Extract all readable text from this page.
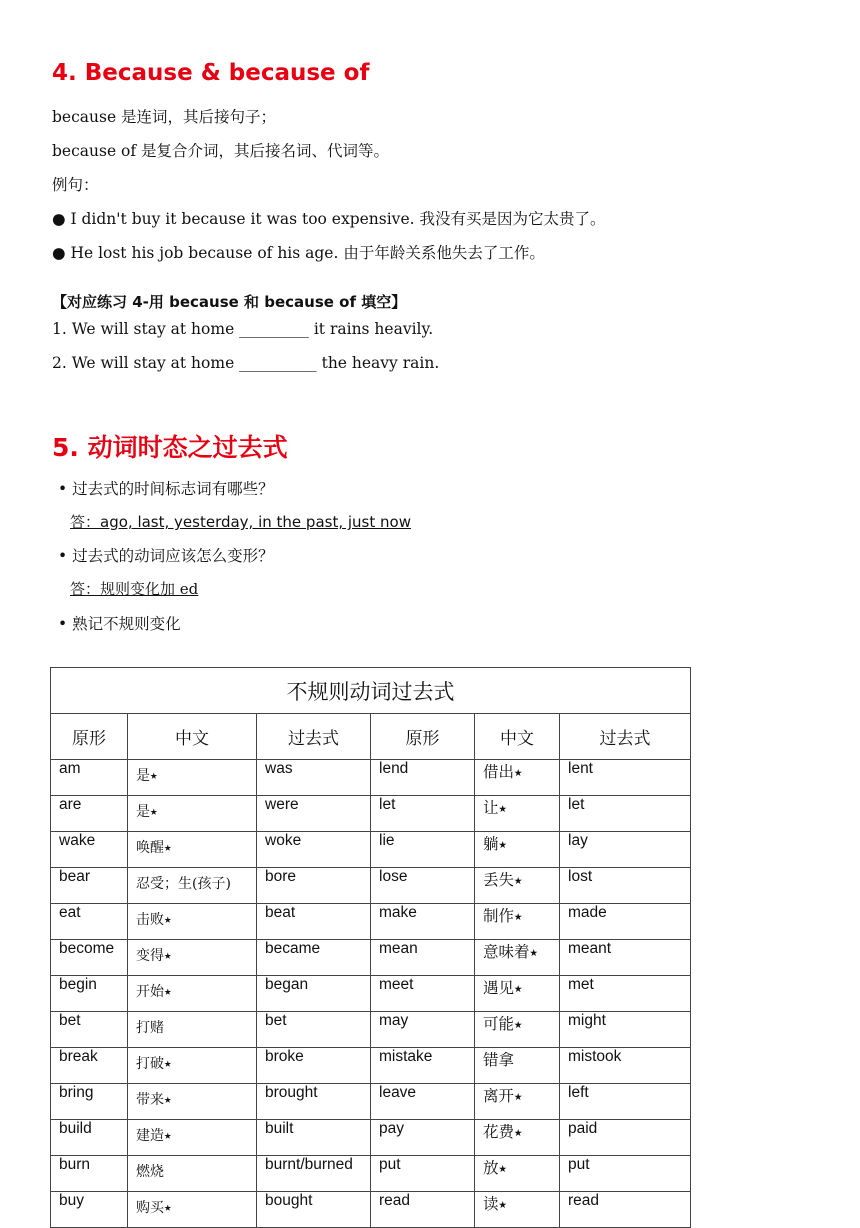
4. Because & because of
because 是连词，其后接句子；
because of 是复合介词，其后接名词、代词等。
例句：
● I didn't buy it because it was too expensive. 我没有买是因为它太贵了。
● He lost his job because of his age. 由于年龄关系他失去了工作。
【对应练习 4-用 because 和 because of 填空】
1. We will stay at home _________ it rains heavily.
2. We will stay at home __________ the heavy rain.
5. 动词时态之过去式
• 过去式的时间标志词有哪些？
答：ago, last, yesterday, in the past, just now
• 过去式的动词应该怎么变形？
答：规则变化加 ed
• 熟记不规则变化
不规则动词过去式					
原形	中文	过去式	原形	中文	过去式
am	是⭑	was	lend	借出⭑	lent
are	是⭑	were	let	让⭑	let
wake	唤醒⭑	woke	lie	躺⭑	lay
bear	忍受；生(孩子)	bore	lose	丢失⭑	lost
eat	击败⭑	beat	make	制作⭑	made
become	变得⭑	became	mean	意味着⭑	meant
begin	开始⭑	began	meet	遇见⭑	met
bet	打赌	bet	may	可能⭑	might
break	打破⭑	broke	mistake	错拿	mistook
bring	带来⭑	brought	leave	离开⭑	left
build	建造⭑	built	pay	花费⭑	paid
burn	燃烧	burnt/burned	put	放⭑	put
buy	购买⭑	bought	read	读⭑	read
